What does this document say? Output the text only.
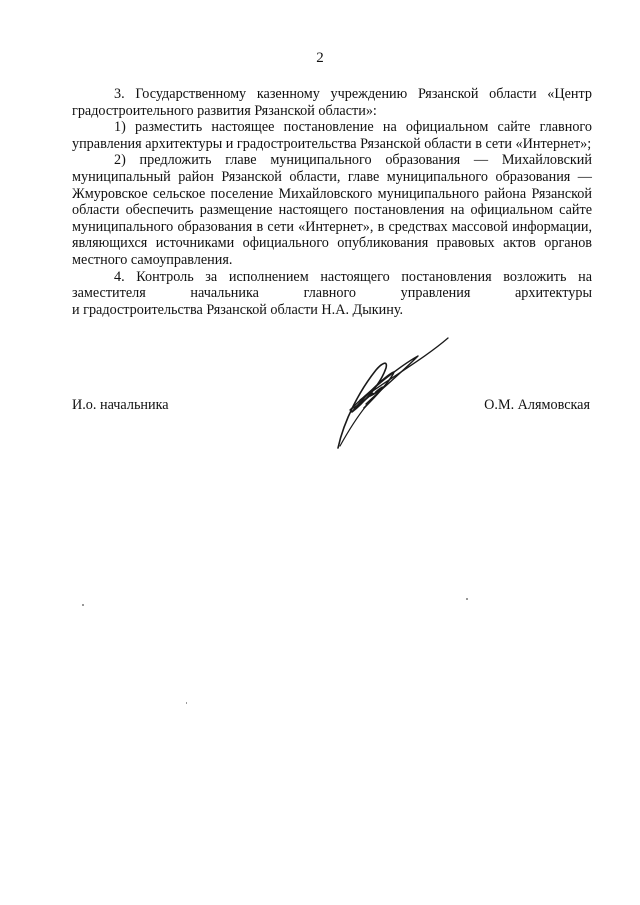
2

3. Государственному казенному учреждению Рязанской области «Центр градостроительного развития Рязанской области»:

1) разместить настоящее постановление на официальном сайте главного управления архитектуры и градостроительства Рязанской области в сети «Интернет»;

2) предложить главе муниципального образования — Михайловский муниципальный район Рязанской области, главе муниципального образования — Жмуровское сельское поселение Михайловского муниципального района Рязанской области обеспечить размещение настоящего постановления на официальном сайте муниципального образования в сети «Интернет», в средствах массовой информации, являющихся источниками официального опубликования правовых актов органов местного самоуправления.

4. Контроль за исполнением настоящего постановления возложить на заместителя начальника главного управления архитектуры

и градостроительства Рязанской области Н.А. Дыкину.

И.о. начальника	О.М. Алямовская
